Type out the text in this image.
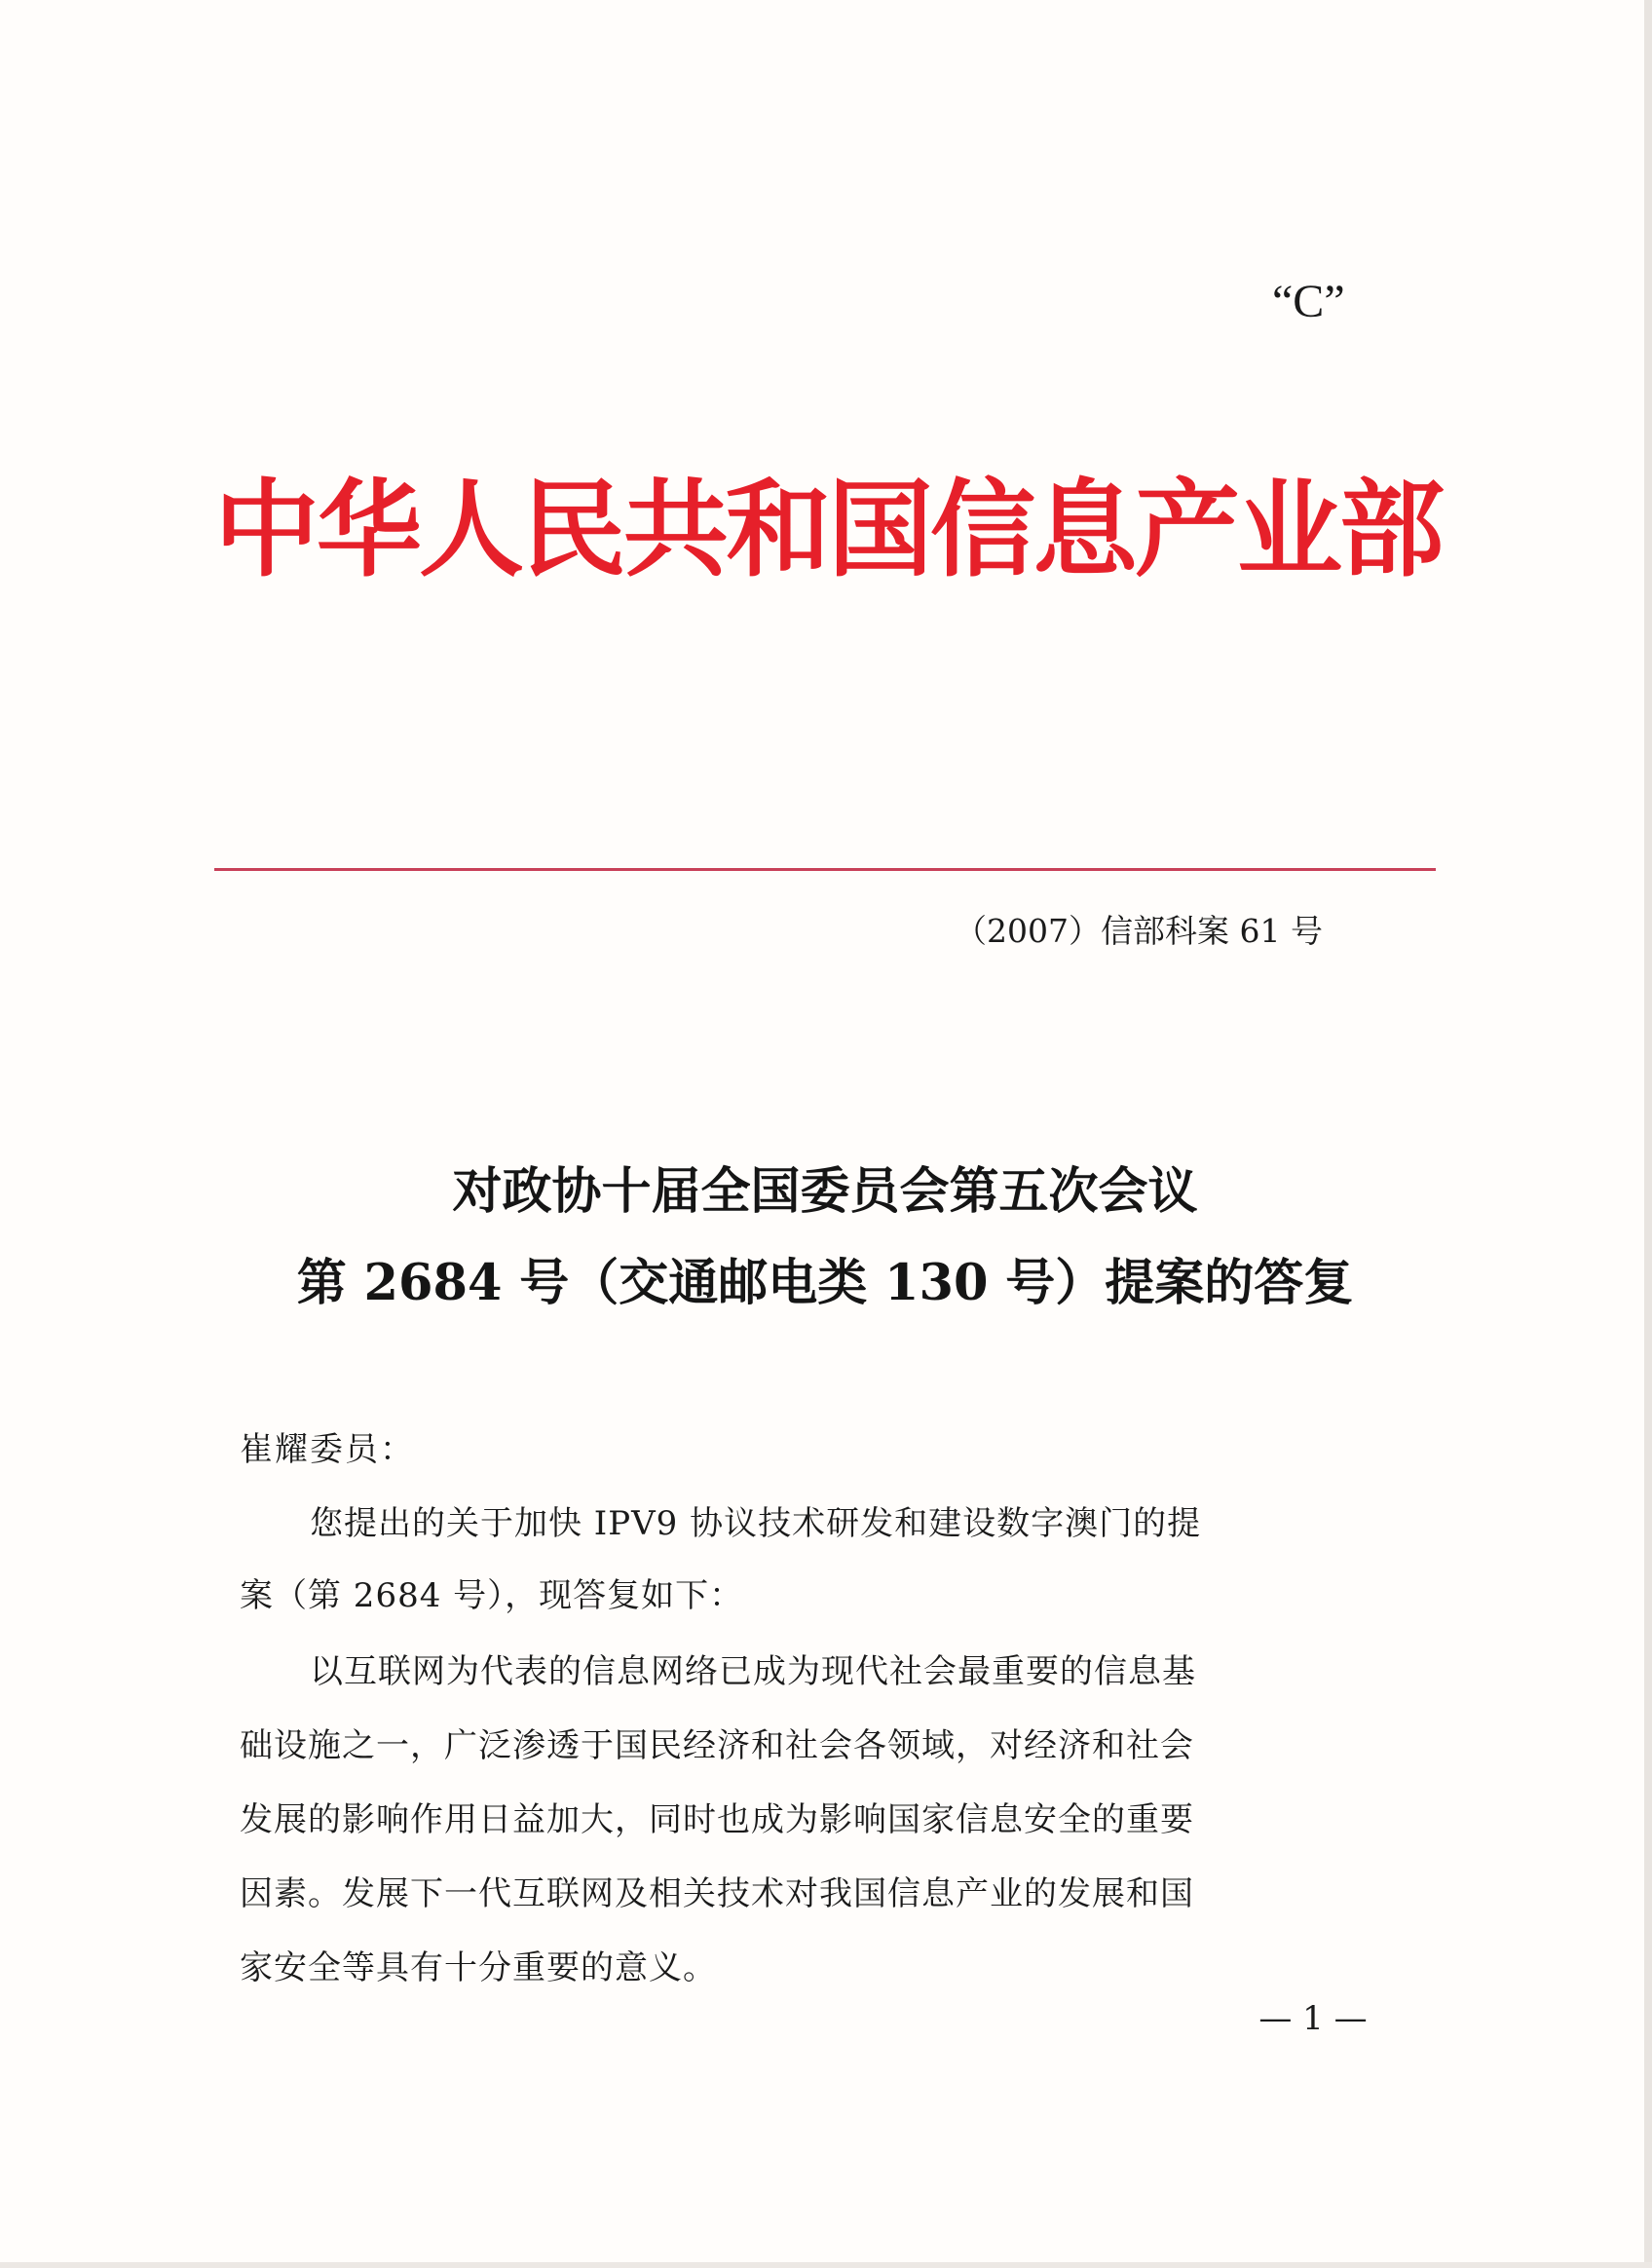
“C”
中华人民共和国信息产业部
（2007）信部科案 61 号
对政协十届全国委员会第五次会议
第 2684 号（交通邮电类 130 号）提案的答复
崔耀委员：
您提出的关于加快 IPV9 协议技术研发和建设数字澳门的提
案（第 2684 号），现答复如下：
以互联网为代表的信息网络已成为现代社会最重要的信息基
础设施之一，广泛渗透于国民经济和社会各领域，对经济和社会
发展的影响作用日益加大，同时也成为影响国家信息安全的重要
因素。发展下一代互联网及相关技术对我国信息产业的发展和国
家安全等具有十分重要的意义。
— 1 —
